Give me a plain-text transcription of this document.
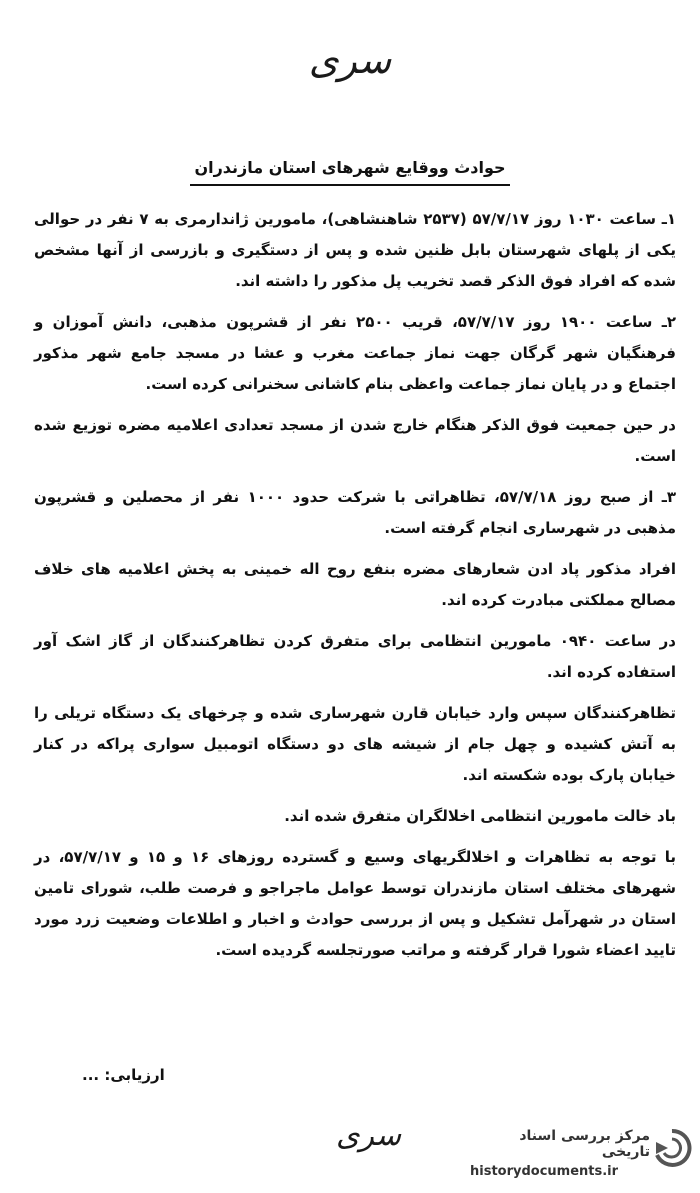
سری
حوادث ووقایع شهرهای استان مازندران

۱ـ ساعت ۱۰۳۰ روز ۵۷/۷/۱۷ (۲۵۳۷ شاهنشاهی)، مامورین ژاندارمری به ۷ نفر در حوالی یکی از پلهای شهرستان بابل ظنین شده و پس از دستگیری و بازرسی از آنها مشخص شده که افراد فوق الذکر قصد تخریب پل مذکور را داشته اند.

۲ـ ساعت ۱۹۰۰ روز ۵۷/۷/۱۷، قریب ۲۵۰۰ نفر از قشرپون مذهبی، دانش آموزان و فرهنگیان شهر گرگان جهت نماز جماعت مغرب و عشا در مسجد جامع شهر مذکور اجتماع و در پایان نماز جماعت واعظی بنام کاشانی سخنرانی کرده است.

در حین جمعیت فوق الذکر هنگام خارج شدن از مسجد تعدادی اعلامیه مضره توزیع شده است.

۳ـ از صبح روز ۵۷/۷/۱۸، تظاهراتی با شرکت حدود ۱۰۰۰ نفر از محصلین و قشرپون مذهبی در شهرساری انجام گرفته است.

افراد مذکور پاد ادن شعارهای مضره بنفع روح اله خمینی به پخش اعلامیه های خلاف مصالح مملکتی مبادرت کرده اند.

در ساعت ۰۹۴۰ مامورین انتظامی برای متفرق کردن تظاهرکنندگان از گاز اشک آور استفاده کرده اند.

تظاهرکنندگان سپس وارد خیابان قارن شهرساری شده و چرخهای یک دستگاه تریلی را به آتش کشیده و چهل جام از شیشه های دو دستگاه اتومبیل سواری پراکه در کنار خیابان پارک بوده شکسته اند.

باد خالت مامورین انتظامی اخلالگران متفرق شده اند.

با توجه به تظاهرات و اخلالگریهای وسیع و گسترده روزهای ۱۶ و ۱۵ و ۵۷/۷/۱۷، در شهرهای مختلف استان مازندران توسط عوامل ماجراجو و فرصت طلب، شورای تامین استان در شهرآمل تشکیل و پس از بررسی حوادث و اخبار و اطلاعات وضعیت زرد مورد تایید اعضاء شورا قرار گرفته و مراتب صورتجلسه گردیده است.

ارزیابی: ...
سری	مرکز بررسی اسناد تاریخی
historydocuments.ir
